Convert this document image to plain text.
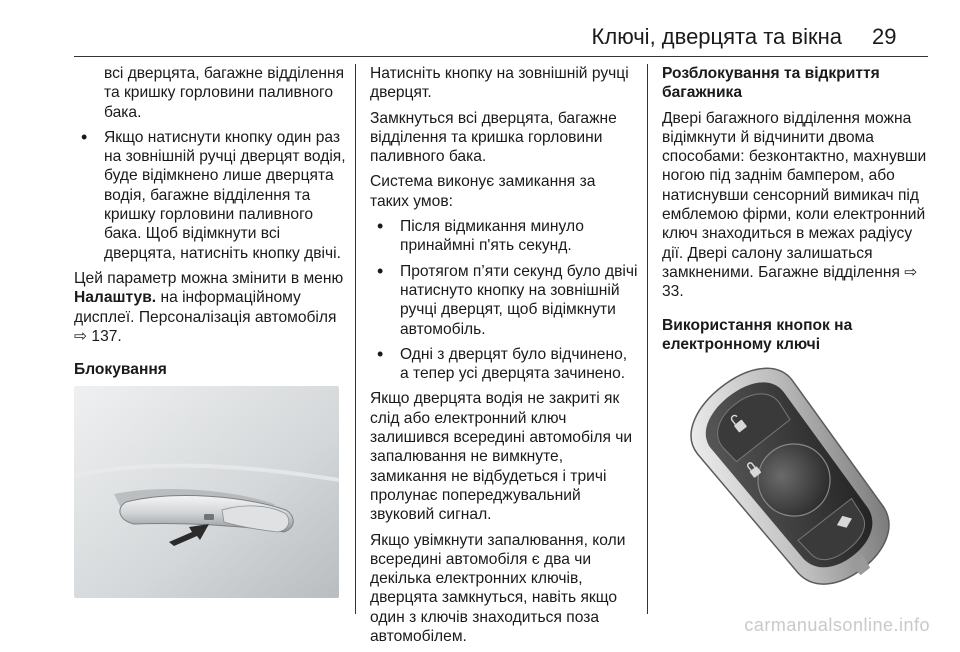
Ключі, дверцята та вікна 29

всі дверцята, багажне відділення та кришку горловини паливного бака.

• Якщо натиснути кнопку один раз на зовнішній ручці дверцят водія, буде відімкнено лише дверцята водія, багажне відділення та кришку горловини паливного бака. Щоб відімкнути всі дверцята, натисніть кнопку двічі.

Цей параметр можна змінити в меню Налаштув. на інформаційному дисплеї. Персоналізація автомобіля ⇨ 137.

Блокування

Натисніть кнопку на зовнішній ручці дверцят.

Замкнуться всі дверцята, багажне відділення та кришка горловини паливного бака.

Система виконує замикання за таких умов:

• Після відмикання минуло принаймні п'ять секунд.

• Протягом п’яти секунд було двічі натиснуто кнопку на зовнішній ручці дверцят, щоб відімкнути автомобіль.

• Одні з дверцят було відчинено, а тепер усі дверцята зачинено.

Якщо дверцята водія не закриті як слід або електронний ключ залишився всередині автомобіля чи запалювання не вимкнуте, замикання не відбудеться і тричі пролунає попереджувальний звуковий сигнал.

Якщо увімкнути запалювання, коли всередині автомобіля є два чи декілька електронних ключів, дверцята замкнуться, навіть якщо один з ключів знаходиться поза автомобілем.

Розблокування та відкриття багажника

Двері багажного відділення можна відімкнути й відчинити двома способами: безконтактно, махнувши ногою під заднім бампером, або натиснувши сенсорний вимикач під емблемою фірми, коли електронний ключ знаходиться в межах радіусу дії. Двері салону залишаться замкненими. Багажне відділення ⇨ 33.

Використання кнопок на електронному ключі

carmanualsonline.info
